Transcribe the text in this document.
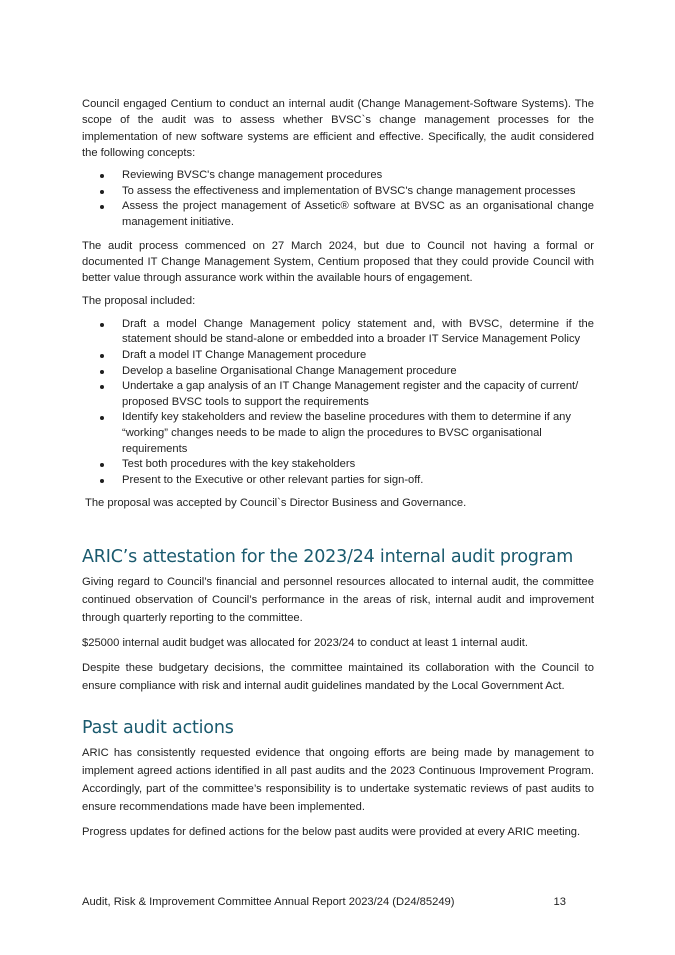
Council engaged Centium to conduct an internal audit (Change Management-Software Systems). The scope of the audit was to assess whether BVSC`s change management processes for the implementation of new software systems are efficient and effective. Specifically, the audit considered the following concepts:

Reviewing BVSC's change management procedures
To assess the effectiveness and implementation of BVSC's change management processes
Assess the project management of Assetic® software at BVSC as an organisational change management initiative.

The audit process commenced on 27 March 2024, but due to Council not having a formal or documented IT Change Management System, Centium proposed that they could provide Council with better value through assurance work within the available hours of engagement.

The proposal included:

Draft a model Change Management policy statement and, with BVSC, determine if the statement should be stand-alone or embedded into a broader IT Service Management Policy
Draft a model IT Change Management procedure
Develop a baseline Organisational Change Management procedure
Undertake a gap analysis of an IT Change Management register and the capacity of current/ proposed BVSC tools to support the requirements
Identify key stakeholders and review the baseline procedures with them to determine if any “working” changes needs to be made to align the procedures to BVSC organisational requirements
Test both procedures with the key stakeholders
Present to the Executive or other relevant parties for sign-off.

The proposal was accepted by Council`s Director Business and Governance.

ARIC’s attestation for the 2023/24 internal audit program

Giving regard to Council’s financial and personnel resources allocated to internal audit, the committee continued observation of Council’s performance in the areas of risk, internal audit and improvement through quarterly reporting to the committee.

$25000 internal audit budget was allocated for 2023/24 to conduct at least 1 internal audit.

Despite these budgetary decisions, the committee maintained its collaboration with the Council to ensure compliance with risk and internal audit guidelines mandated by the Local Government Act.

Past audit actions

ARIC has consistently requested evidence that ongoing efforts are being made by management to implement agreed actions identified in all past audits and the 2023 Continuous Improvement Program. Accordingly, part of the committee’s responsibility is to undertake systematic reviews of past audits to ensure recommendations made have been implemented.

Progress updates for defined actions for the below past audits were provided at every ARIC meeting.

Audit, Risk & Improvement Committee Annual Report 2023/24 (D24/85249)	13
